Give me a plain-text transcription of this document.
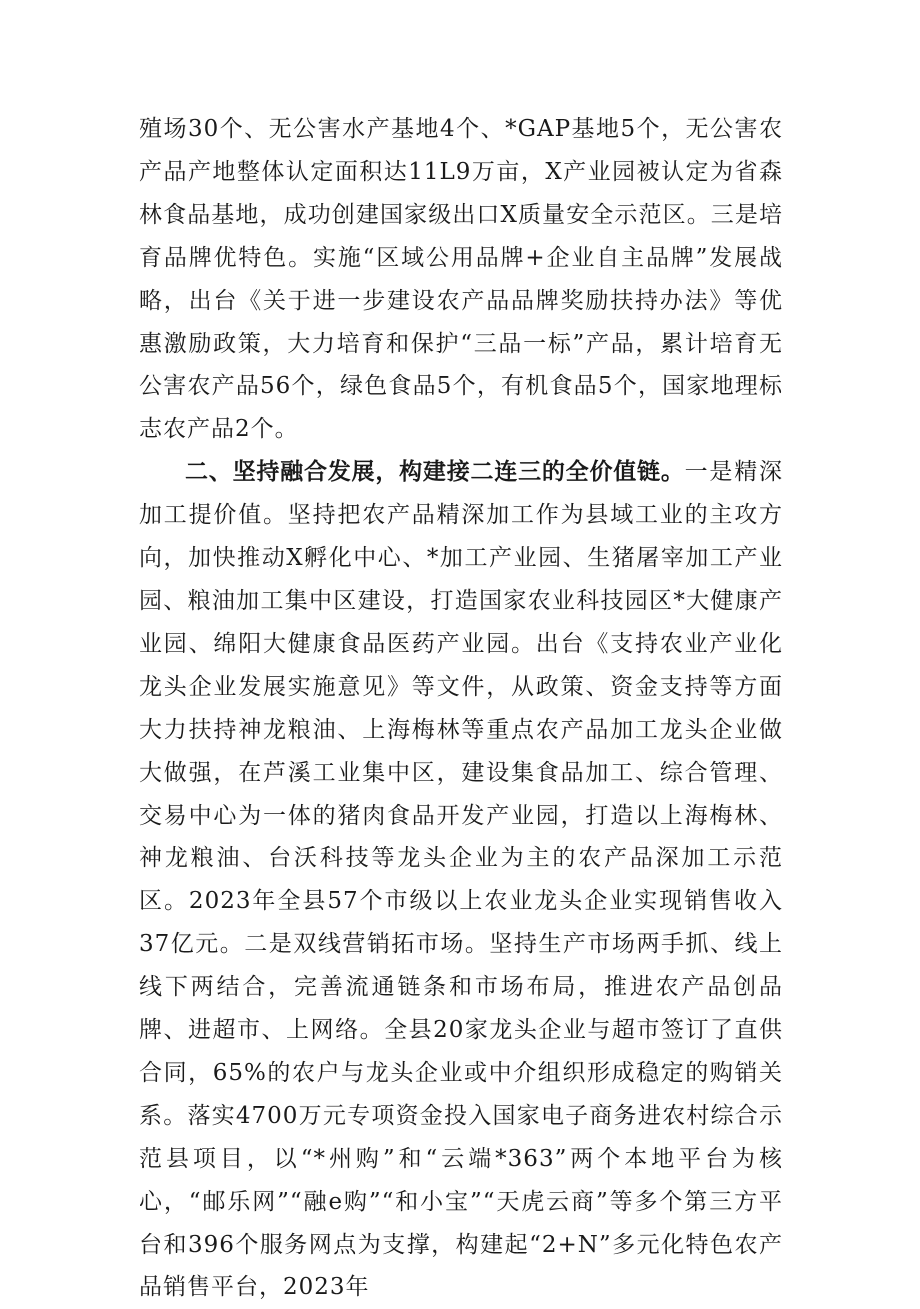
殖场30个、无公害水产基地4个、*GAP基地5个，无公害农产品产地整体认定面积达11L9万亩，X产业园被认定为省森林食品基地，成功创建国家级出口X质量安全示范区。三是培育品牌优特色。实施“区域公用品牌+企业自主品牌”发展战略，出台《关于进一步建设农产品品牌奖励扶持办法》等优惠激励政策，大力培育和保护“三品一标”产品，累计培育无公害农产品56个，绿色食品5个，有机食品5个，国家地理标志农产品2个。

二、坚持融合发展，构建接二连三的全价值链。一是精深加工提价值。坚持把农产品精深加工作为县域工业的主攻方向，加快推动X孵化中心、*加工产业园、生猪屠宰加工产业园、粮油加工集中区建设，打造国家农业科技园区*大健康产业园、绵阳大健康食品医药产业园。出台《支持农业产业化龙头企业发展实施意见》等文件，从政策、资金支持等方面大力扶持神龙粮油、上海梅林等重点农产品加工龙头企业做大做强，在芦溪工业集中区，建设集食品加工、综合管理、交易中心为一体的猪肉食品开发产业园，打造以上海梅林、神龙粮油、台沃科技等龙头企业为主的农产品深加工示范区。2023年全县57个市级以上农业龙头企业实现销售收入37亿元。二是双线营销拓市场。坚持生产市场两手抓、线上线下两结合，完善流通链条和市场布局，推进农产品创品牌、进超市、上网络。全县20家龙头企业与超市签订了直供合同，65%的农户与龙头企业或中介组织形成稳定的购销关系。落实4700万元专项资金投入国家电子商务进农村综合示范县项目，以“*州购”和“云端*363”两个本地平台为核心，“邮乐网”“融e购”“和小宝”“天虎云商”等多个第三方平台和396个服务网点为支撑，构建起“2+N”多元化特色农产品销售平台，2023年
